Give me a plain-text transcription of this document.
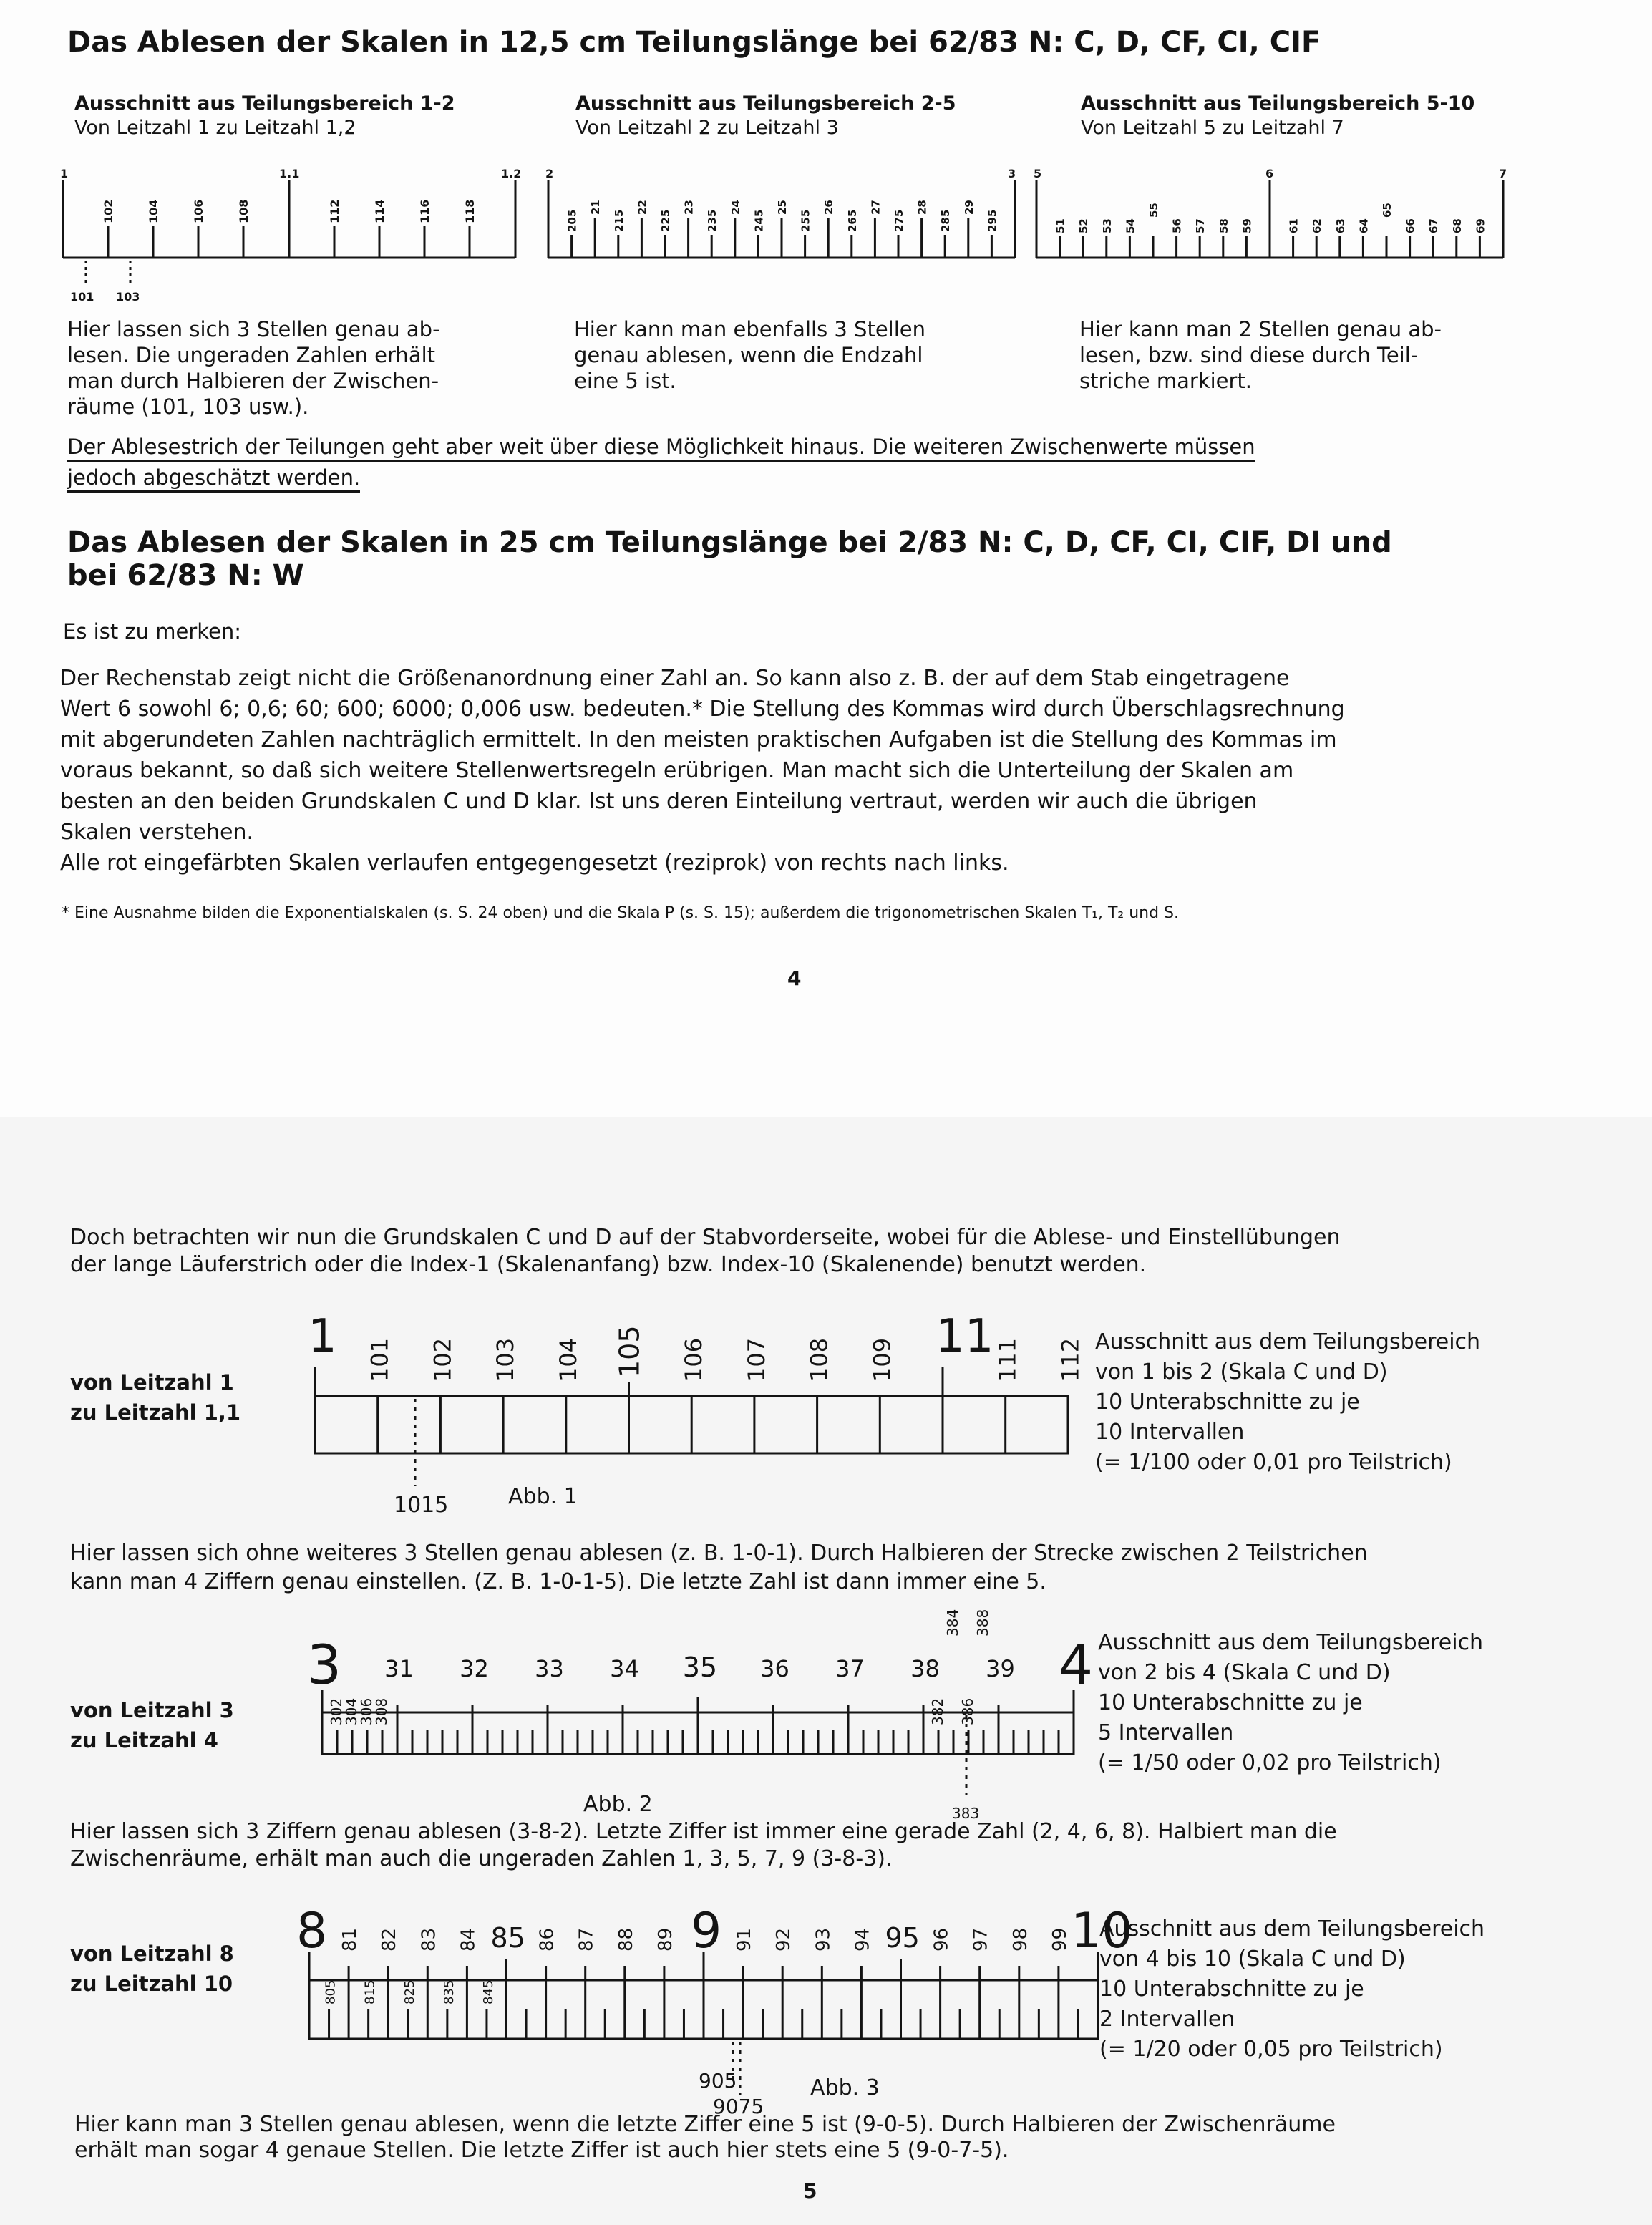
Das Ablesen der Skalen in 12,5 cm Teilungslänge bei 62/83 N: C, D, CF, CI, CIF
Ausschnitt aus Teilungsbereich 1-2
Von Leitzahl 1 zu Leitzahl 1,2
1	1.1	1.2
102	104	106	108	112	114	116	118
101 103
Hier lassen sich 3 Stellen genau ab-
lesen. Die ungeraden Zahlen erhält
man durch Halbieren der Zwischen-
räume (101, 103 usw.).
Ausschnitt aus Teilungsbereich 2-5
Von Leitzahl 2 zu Leitzahl 3
2	3
205
21
215
22
225
23
235
24
245
25
255
26
265
27
275
28
285
29
295
Hier kann man ebenfalls 3 Stellen
genau ablesen, wenn die Endzahl
eine 5 ist.
Ausschnitt aus Teilungsbereich 5-10
Von Leitzahl 5 zu Leitzahl 7
5	6	7
51 52 53 54
55
56 57 58 59	61 62 63 64
65
66 67 68 69
Hier kann man 2 Stellen genau ab-
lesen, bzw. sind diese durch Teil-
striche markiert.
Der Ablesestrich der Teilungen geht aber weit über diese Möglichkeit hinaus. Die weiteren Zwischenwerte müssen
jedoch abgeschätzt werden.
Das Ablesen der Skalen in 25 cm Teilungslänge bei 2/83 N: C, D, CF, CI, CIF, DI und
bei 62/83 N: W
Es ist zu merken:
Der Rechenstab zeigt nicht die Größenanordnung einer Zahl an. So kann also z. B. der auf dem Stab eingetragene
Wert 6 sowohl 6; 0,6; 60; 600; 6000; 0,006 usw. bedeuten.* Die Stellung des Kommas wird durch Überschlagsrechnung
mit abgerundeten Zahlen nachträglich ermittelt. In den meisten praktischen Aufgaben ist die Stellung des Kommas im
voraus bekannt, so daß sich weitere Stellenwertsregeln erübrigen. Man macht sich die Unterteilung der Skalen am
besten an den beiden Grundskalen C und D klar. Ist uns deren Einteilung vertraut, werden wir auch die übrigen
Skalen verstehen.
Alle rot eingefärbten Skalen verlaufen entgegengesetzt (reziprok) von rechts nach links.
* Eine Ausnahme bilden die Exponentialskalen (s. S. 24 oben) und die Skala P (s. S. 15); außerdem die trigonometrischen Skalen T₁, T₂ und S.
4
Doch betrachten wir nun die Grundskalen C und D auf der Stabvorderseite, wobei für die Ablese- und Einstellübungen
der lange Läuferstrich oder die Index-1 (Skalenanfang) bzw. Index-10 (Skalenende) benutzt werden.
von Leitzahl 1
zu Leitzahl 1,1
1 101 102 103 104 105 106 107 108 109 11 111 112
1015	Abb. 1
Ausschnitt aus dem Teilungsbereich
von 1 bis 2 (Skala C und D)
10 Unterabschnitte zu je
10 Intervallen
(= 1/100 oder 0,01 pro Teilstrich)
Hier lassen sich ohne weiteres 3 Stellen genau ablesen (z. B. 1-0-1). Durch Halbieren der Strecke zwischen 2 Teilstrichen
kann man 4 Ziffern genau einstellen. (Z. B. 1-0-1-5). Die letzte Zahl ist dann immer eine 5.
von Leitzahl 3
zu Leitzahl 4
3 31 32 33 34 35 36 37 38 39 4
302
304
306
308	382 386
384 388
383
Abb. 2
Ausschnitt aus dem Teilungsbereich
von 2 bis 4 (Skala C und D)
10 Unterabschnitte zu je
5 Intervallen
(= 1/50 oder 0,02 pro Teilstrich)
Hier lassen sich 3 Ziffern genau ablesen (3-8-2). Letzte Ziffer ist immer eine gerade Zahl (2, 4, 6, 8). Halbiert man die
Zwischenräume, erhält man auch die ungeraden Zahlen 1, 3, 5, 7, 9 (3-8-3).
von Leitzahl 8
zu Leitzahl 10
8 81 82 83 84 85 86 87 88 89 9 91 92 93 94 95 96 97 98 99 10
805 815 825 835 845
905
9075
Abb. 3
Ausschnitt aus dem Teilungsbereich
von 4 bis 10 (Skala C und D)
10 Unterabschnitte zu je
2 Intervallen
(= 1/20 oder 0,05 pro Teilstrich)
Hier kann man 3 Stellen genau ablesen, wenn die letzte Ziffer eine 5 ist (9-0-5). Durch Halbieren der Zwischenräume
erhält man sogar 4 genaue Stellen. Die letzte Ziffer ist auch hier stets eine 5 (9-0-7-5).
5
